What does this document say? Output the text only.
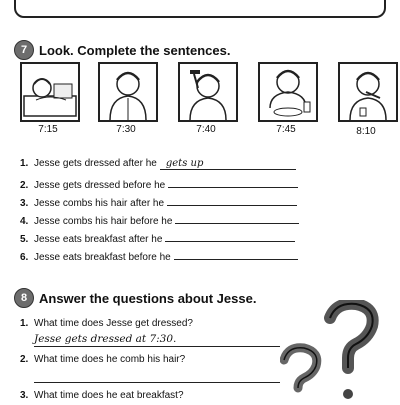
7 Look. Complete the sentences.
7:15	7:30	7:40	7:45	8:10
1. Jesse gets dressed after he gets up
2. Jesse gets dressed before he
3. Jesse combs his hair after he
4. Jesse combs his hair before he
5. Jesse eats breakfast after he
6. Jesse eats breakfast before he
8 Answer the questions about Jesse.
1. What time does Jesse get dressed?
Jesse gets dressed at 7:30.
2. What time does he comb his hair?
3. What time does he eat breakfast?
